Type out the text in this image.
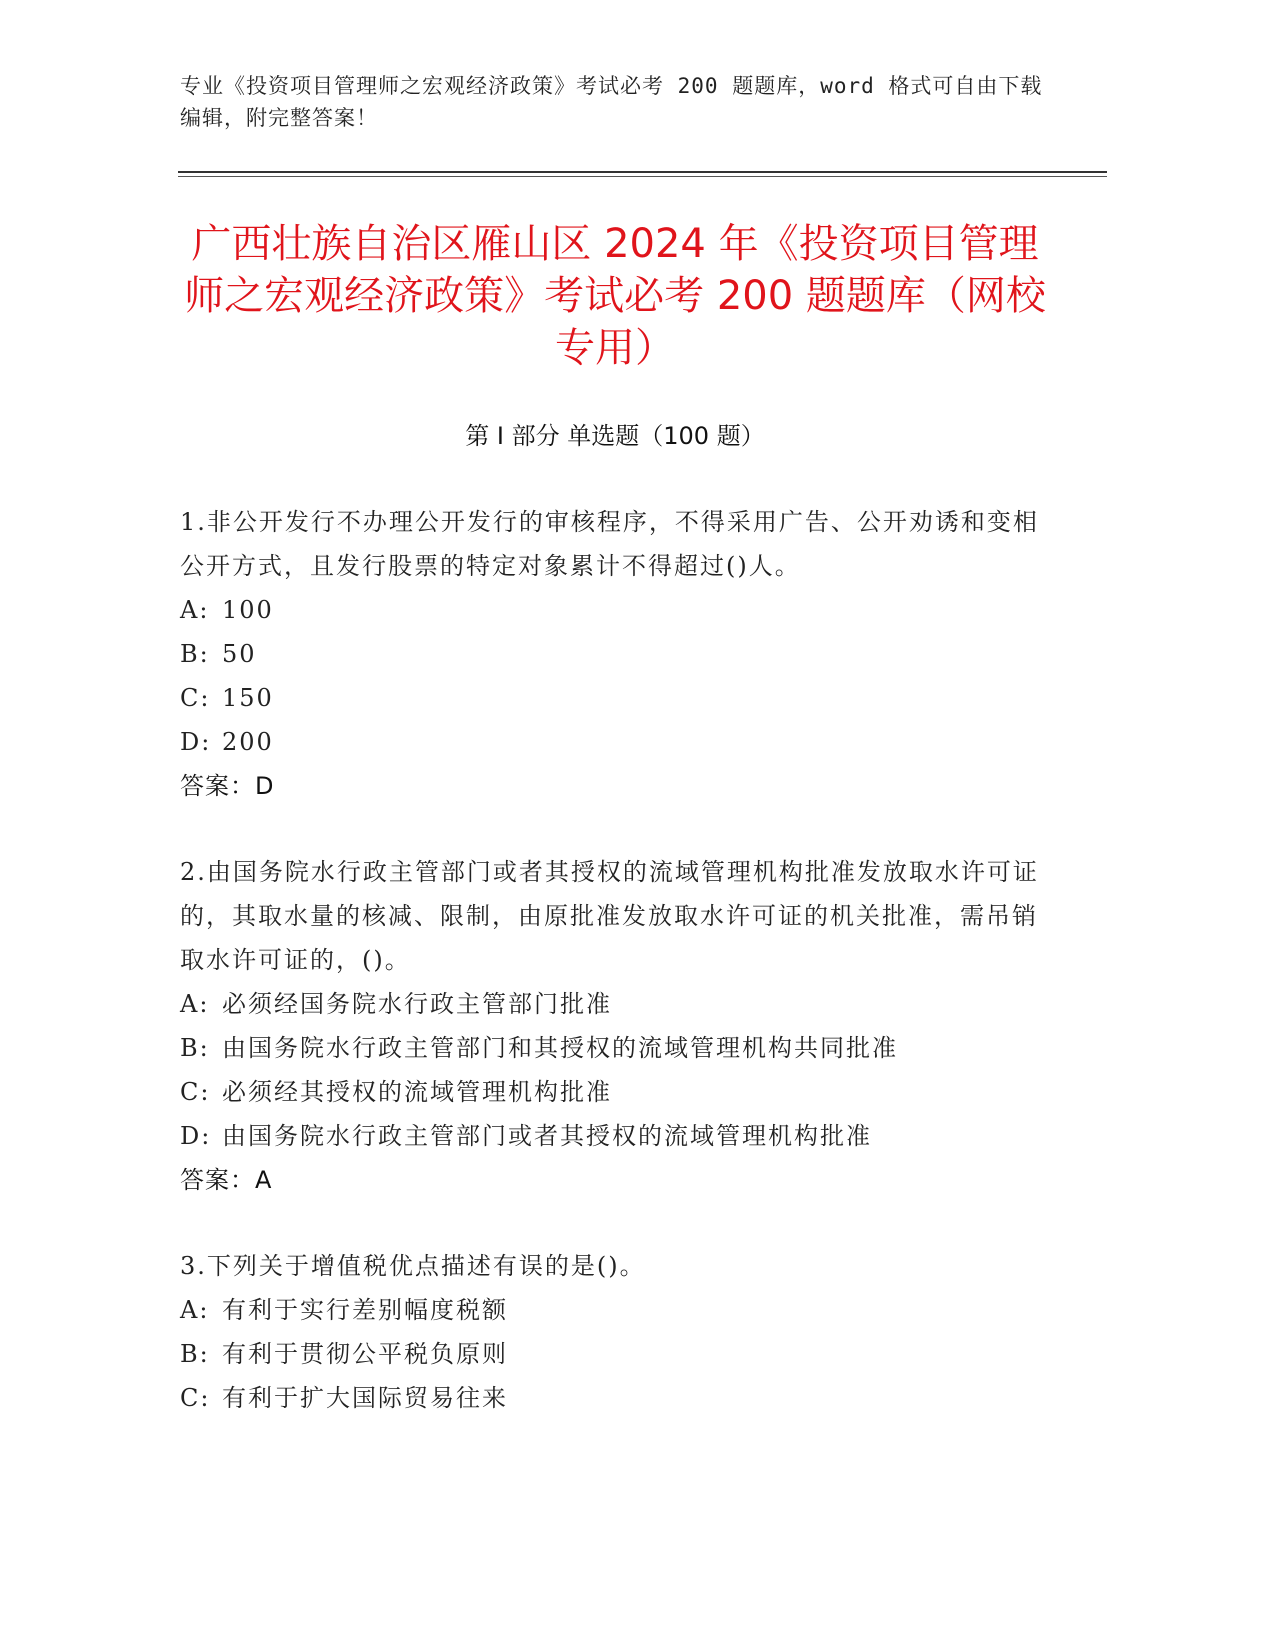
专业《投资项目管理师之宏观经济政策》考试必考 200 题题库，word 格式可自由下载编辑，附完整答案！
广西壮族自治区雁山区 2024 年《投资项目管理师之宏观经济政策》考试必考 200 题题库（网校专用）
第 I 部分 单选题（100 题）

1.非公开发行不办理公开发行的审核程序，不得采用广告、公开劝诱和变相公开方式，且发行股票的特定对象累计不得超过()人。

A: 100

B: 50

C: 150

D: 200

答案：D

2.由国务院水行政主管部门或者其授权的流域管理机构批准发放取水许可证的，其取水量的核减、限制，由原批准发放取水许可证的机关批准，需吊销取水许可证的，()。

A: 必须经国务院水行政主管部门批准

B: 由国务院水行政主管部门和其授权的流域管理机构共同批准

C: 必须经其授权的流域管理机构批准

D: 由国务院水行政主管部门或者其授权的流域管理机构批准

答案：A

3.下列关于增值税优点描述有误的是()。

A: 有利于实行差别幅度税额

B: 有利于贯彻公平税负原则

C: 有利于扩大国际贸易往来
